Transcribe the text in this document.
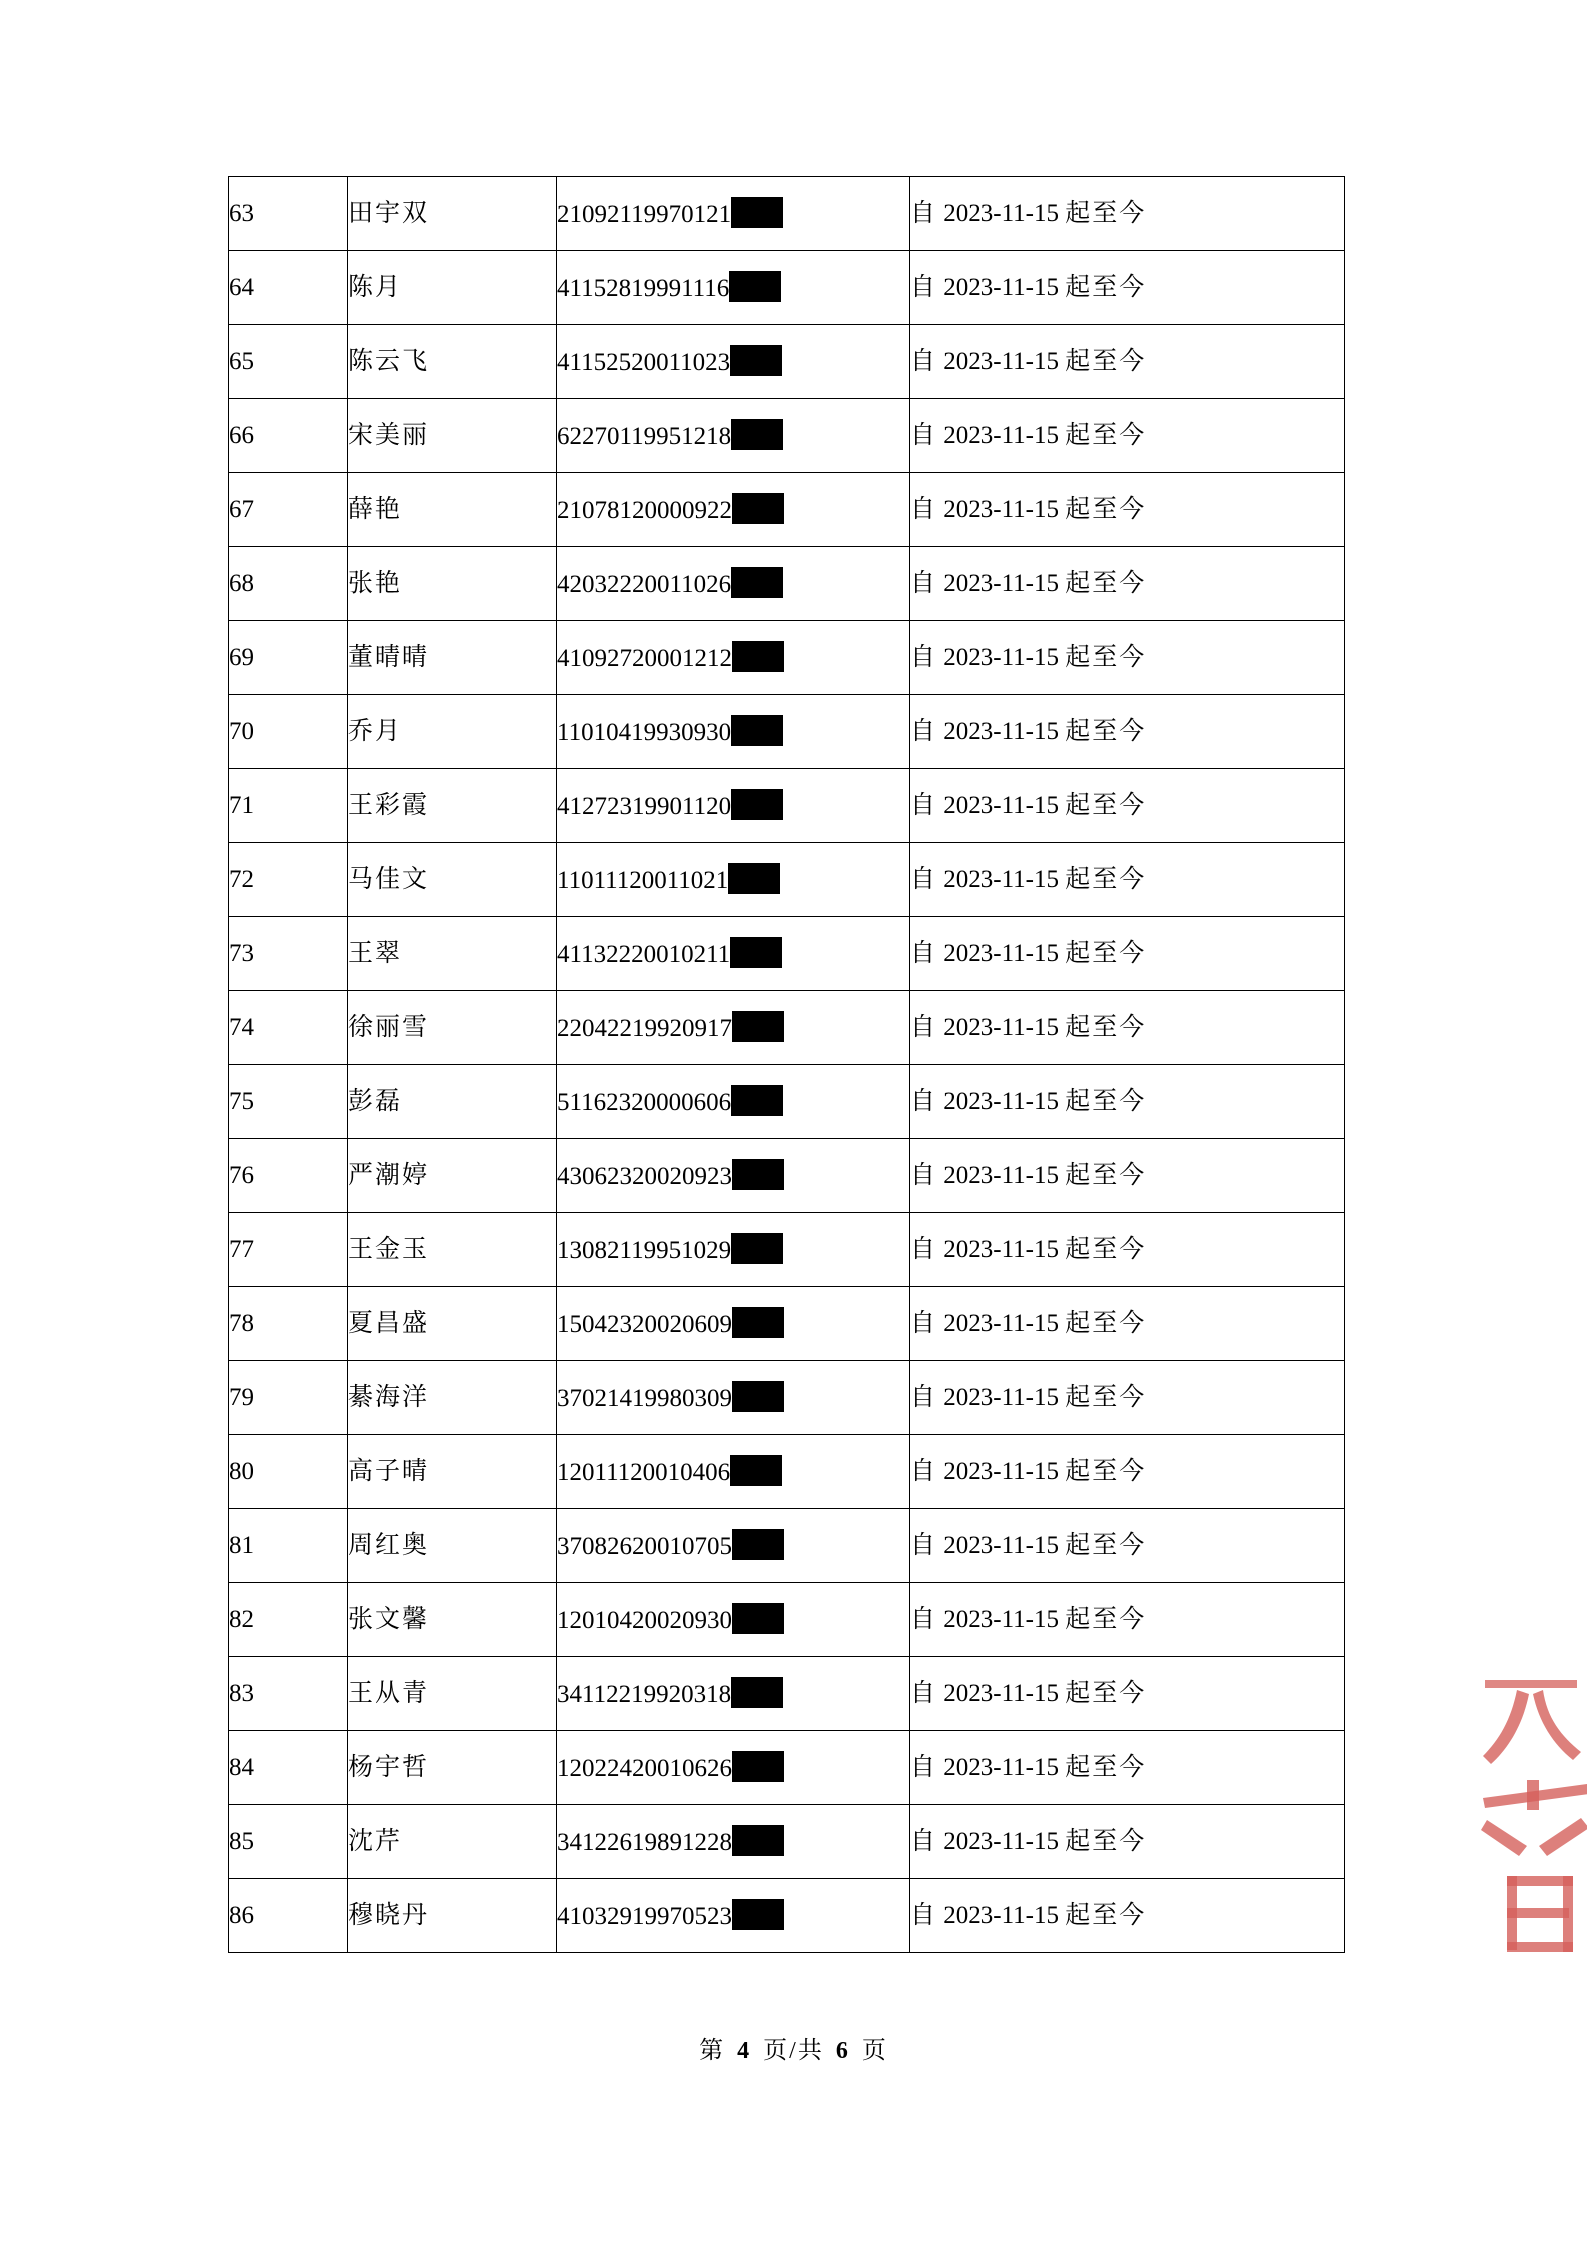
63	田宇双	21092119970121	自 2023-11-15 起至今
64	陈月	41152819991116	自 2023-11-15 起至今
65	陈云飞	41152520011023	自 2023-11-15 起至今
66	宋美丽	62270119951218	自 2023-11-15 起至今
67	薛艳	21078120000922	自 2023-11-15 起至今
68	张艳	42032220011026	自 2023-11-15 起至今
69	董晴晴	41092720001212	自 2023-11-15 起至今
70	乔月	11010419930930	自 2023-11-15 起至今
71	王彩霞	41272319901120	自 2023-11-15 起至今
72	马佳文	11011120011021	自 2023-11-15 起至今
73	王翠	41132220010211	自 2023-11-15 起至今
74	徐丽雪	22042219920917	自 2023-11-15 起至今
75	彭磊	51162320000606	自 2023-11-15 起至今
76	严潮婷	43062320020923	自 2023-11-15 起至今
77	王金玉	13082119951029	自 2023-11-15 起至今
78	夏昌盛	15042320020609	自 2023-11-15 起至今
79	綦海洋	37021419980309	自 2023-11-15 起至今
80	高子晴	12011120010406	自 2023-11-15 起至今
81	周红奥	37082620010705	自 2023-11-15 起至今
82	张文馨	12010420020930	自 2023-11-15 起至今
83	王从青	34112219920318	自 2023-11-15 起至今
84	杨宇哲	12022420010626	自 2023-11-15 起至今
85	沈芹	34122619891228	自 2023-11-15 起至今
86	穆晓丹	41032919970523	自 2023-11-15 起至今
第 4 页/共 6 页
